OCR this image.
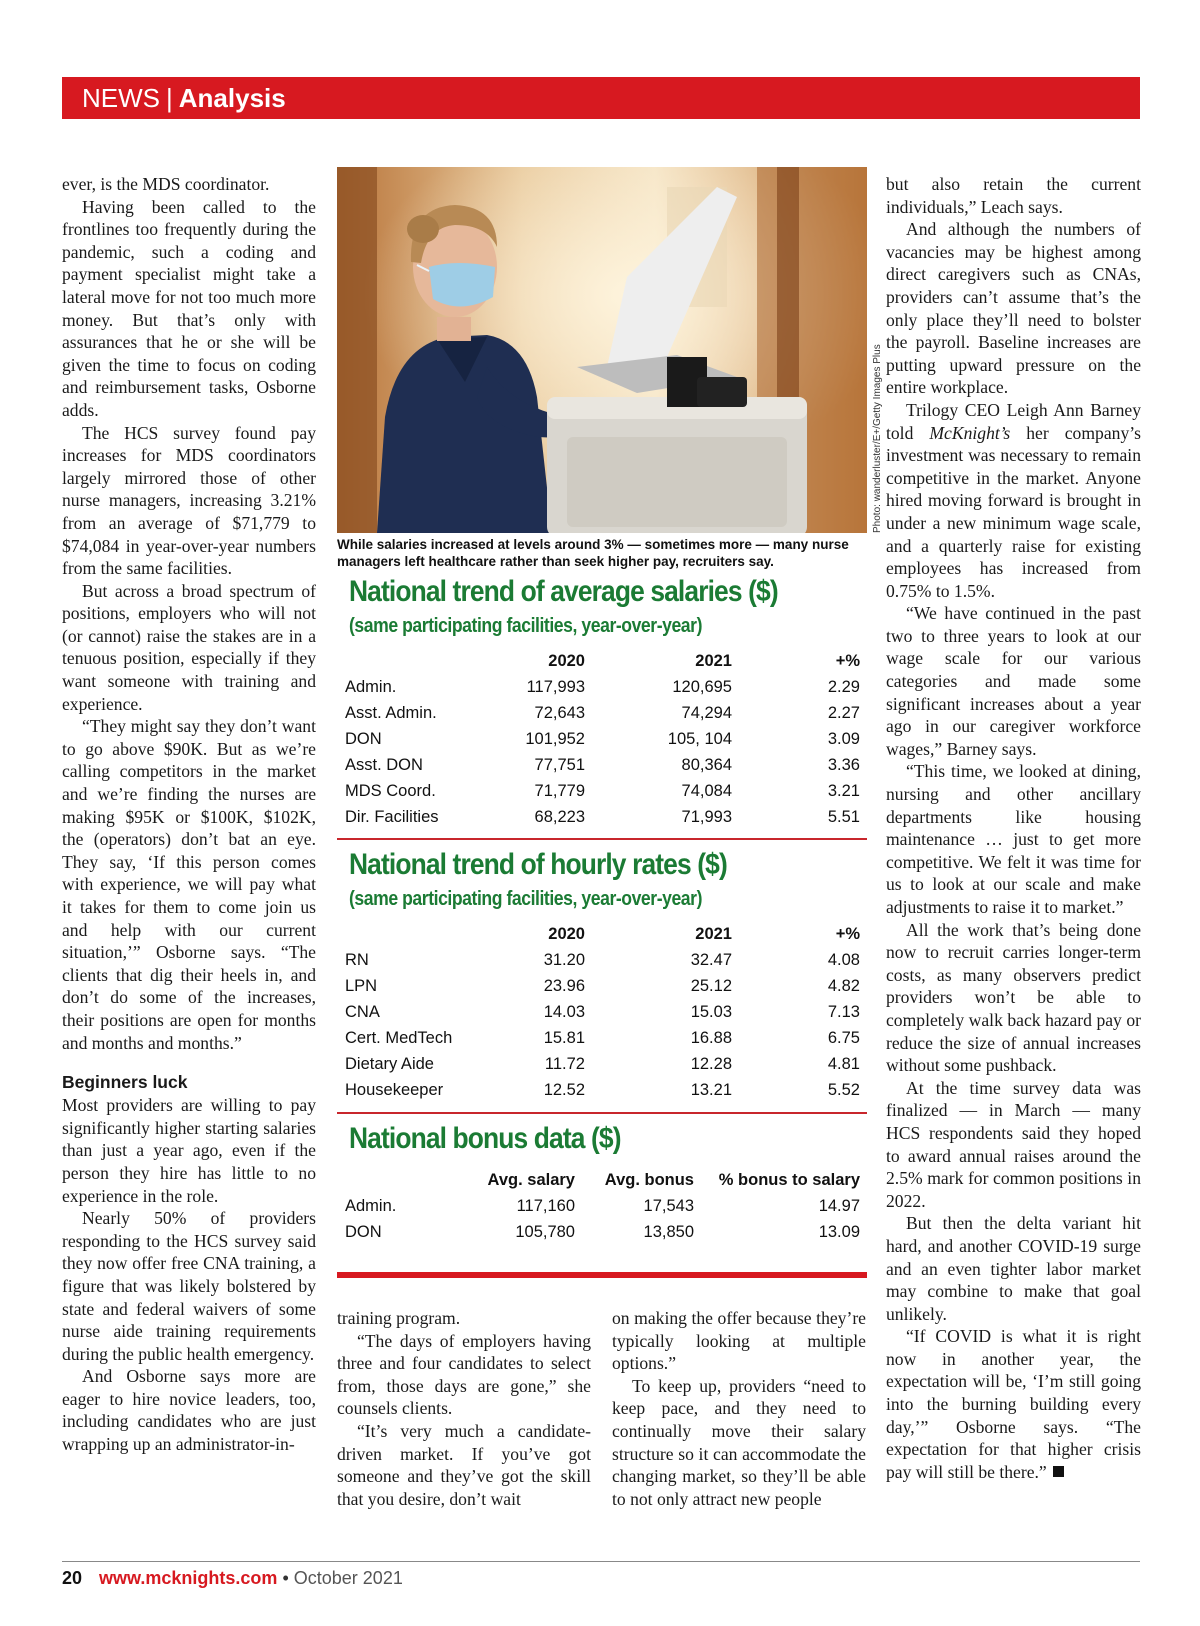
NEWS | Analysis

ever, is the MDS coordinator.

Having been called to the frontlines too frequently during the pandemic, such a coding and payment specialist might take a lateral move for not too much more money. But that’s only with assurances that he or she will be given the time to focus on coding and reimbursement tasks, Osborne adds.

The HCS survey found pay increases for MDS coordinators largely mirrored those of other nurse managers, increasing 3.21% from an average of $71,779 to $74,084 in year-over-year numbers from the same facilities.

But across a broad spectrum of positions, employers who will not (or cannot) raise the stakes are in a tenuous position, especially if they want someone with training and experience.

“They might say they don’t want to go above $90K. But as we’re calling competitors in the market and we’re finding the nurses are making $95K or $100K, $102K, the (operators) don’t bat an eye. They say, ‘If this person comes with experience, we will pay what it takes for them to come join us and help with our current situation,’” Osborne says. “The clients that dig their heels in, and don’t do some of the increases, their positions are open for months and months and months.”

Beginners luck

Most providers are willing to pay significantly higher starting salaries than just a year ago, even if the person they hire has little to no experience in the role.

Nearly 50% of providers responding to the HCS survey said they now offer free CNA training, a figure that was likely bolstered by state and federal waivers of some nurse aide training requirements during the public health emergency.

And Osborne says more are eager to hire novice leaders, too, including candidates who are just wrapping up an administrator-in-

Photo: wanderluster/E+/Getty Images Plus
While salaries increased at levels around 3% — sometimes more — many nurse managers left healthcare rather than seek higher pay, recruiters say.
National trend of average salaries ($)
(same participating facilities, year-over-year)
2020	2021	+%
Admin.	117,993	120,695	2.29
Asst. Admin.	72,643	74,294	2.27
DON	101,952	105, 104	3.09
Asst. DON	77,751	80,364	3.36
MDS Coord.	71,779	74,084	3.21
Dir. Facilities	68,223	71,993	5.51
National trend of hourly rates ($)
(same participating facilities, year-over-year)
2020	2021	+%
RN	31.20	32.47	4.08
LPN	23.96	25.12	4.82
CNA	14.03	15.03	7.13
Cert. MedTech	15.81	16.88	6.75
Dietary Aide	11.72	12.28	4.81
Housekeeper	12.52	13.21	5.52
National bonus data ($)
Avg. salary Avg. bonus % bonus to salary
Admin.	117,160	17,543	14.97
DON	105,780	13,850	13.09

training program.

“The days of employers having three and four candidates to select from, those days are gone,” she counsels clients.

“It’s very much a candidate-driven market. If you’ve got someone and they’ve got the skill that you desire, don’t wait

on making the offer because they’re typically looking at multiple options.”

To keep up, providers “need to keep pace, and they need to continually move their salary structure so it can accommodate the changing market, so they’ll be able to not only attract new people

but also retain the current individuals,” Leach says.

And although the numbers of vacancies may be highest among direct caregivers such as CNAs, providers can’t assume that’s the only place they’ll need to bolster the payroll. Baseline increases are putting upward pressure on the entire workplace.

Trilogy CEO Leigh Ann Barney told McKnight’s her company’s investment was necessary to remain competitive in the market. Anyone hired moving forward is brought in under a new minimum wage scale, and a quarterly raise for existing employees has increased from 0.75% to 1.5%.

“We have continued in the past two to three years to look at our wage scale for our various categories and made some significant increases about a year ago in our caregiver workforce wages,” Barney says.

“This time, we looked at dining, nursing and other ancillary departments like housing maintenance … just to get more competitive. We felt it was time for us to look at our scale and make adjustments to raise it to market.”

All the work that’s being done now to recruit carries longer-term costs, as many observers predict providers won’t be able to completely walk back hazard pay or reduce the size of annual increases without some pushback.

At the time survey data was finalized — in March — many HCS respondents said they hoped to award annual raises around the 2.5% mark for common positions in 2022.

But then the delta variant hit hard, and another COVID-19 surge and an even tighter labor market may combine to make that goal unlikely.

“If COVID is what it is right now in another year, the expectation will be, ‘I’m still going into the burning building every day,’” Osborne says. “The expectation for that higher crisis pay will still be there.”

20 www.mcknights.com • October 2021
